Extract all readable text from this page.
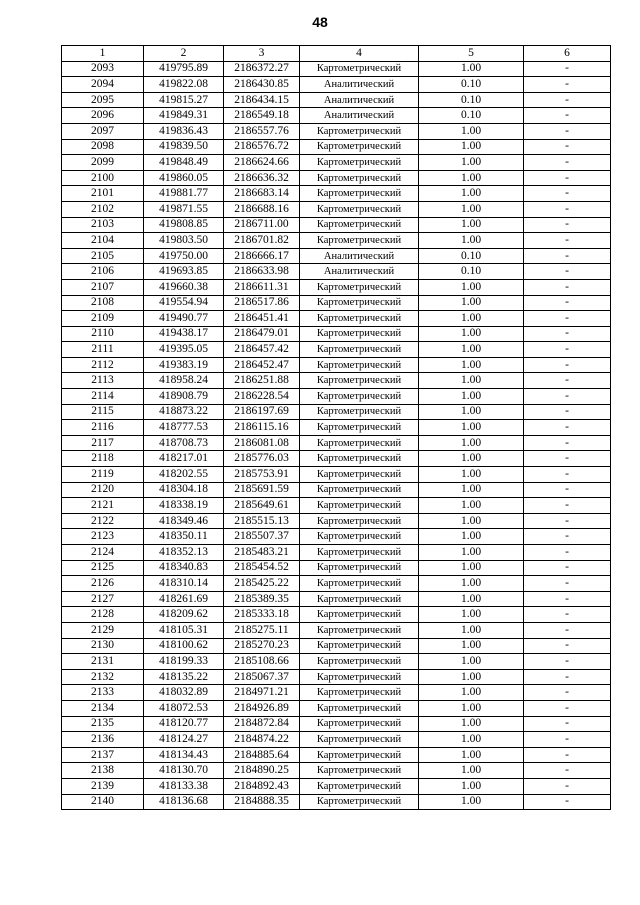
48
1	2	3	4	5	6
2093	419795.89	2186372.27	Картометрический	1.00	-
2094	419822.08	2186430.85	Аналитический	0.10	-
2095	419815.27	2186434.15	Аналитический	0.10	-
2096	419849.31	2186549.18	Аналитический	0.10	-
2097	419836.43	2186557.76	Картометрический	1.00	-
2098	419839.50	2186576.72	Картометрический	1.00	-
2099	419848.49	2186624.66	Картометрический	1.00	-
2100	419860.05	2186636.32	Картометрический	1.00	-
2101	419881.77	2186683.14	Картометрический	1.00	-
2102	419871.55	2186688.16	Картометрический	1.00	-
2103	419808.85	2186711.00	Картометрический	1.00	-
2104	419803.50	2186701.82	Картометрический	1.00	-
2105	419750.00	2186666.17	Аналитический	0.10	-
2106	419693.85	2186633.98	Аналитический	0.10	-
2107	419660.38	2186611.31	Картометрический	1.00	-
2108	419554.94	2186517.86	Картометрический	1.00	-
2109	419490.77	2186451.41	Картометрический	1.00	-
2110	419438.17	2186479.01	Картометрический	1.00	-
2111	419395.05	2186457.42	Картометрический	1.00	-
2112	419383.19	2186452.47	Картометрический	1.00	-
2113	418958.24	2186251.88	Картометрический	1.00	-
2114	418908.79	2186228.54	Картометрический	1.00	-
2115	418873.22	2186197.69	Картометрический	1.00	-
2116	418777.53	2186115.16	Картометрический	1.00	-
2117	418708.73	2186081.08	Картометрический	1.00	-
2118	418217.01	2185776.03	Картометрический	1.00	-
2119	418202.55	2185753.91	Картометрический	1.00	-
2120	418304.18	2185691.59	Картометрический	1.00	-
2121	418338.19	2185649.61	Картометрический	1.00	-
2122	418349.46	2185515.13	Картометрический	1.00	-
2123	418350.11	2185507.37	Картометрический	1.00	-
2124	418352.13	2185483.21	Картометрический	1.00	-
2125	418340.83	2185454.52	Картометрический	1.00	-
2126	418310.14	2185425.22	Картометрический	1.00	-
2127	418261.69	2185389.35	Картометрический	1.00	-
2128	418209.62	2185333.18	Картометрический	1.00	-
2129	418105.31	2185275.11	Картометрический	1.00	-
2130	418100.62	2185270.23	Картометрический	1.00	-
2131	418199.33	2185108.66	Картометрический	1.00	-
2132	418135.22	2185067.37	Картометрический	1.00	-
2133	418032.89	2184971.21	Картометрический	1.00	-
2134	418072.53	2184926.89	Картометрический	1.00	-
2135	418120.77	2184872.84	Картометрический	1.00	-
2136	418124.27	2184874.22	Картометрический	1.00	-
2137	418134.43	2184885.64	Картометрический	1.00	-
2138	418130.70	2184890.25	Картометрический	1.00	-
2139	418133.38	2184892.43	Картометрический	1.00	-
2140	418136.68	2184888.35	Картометрический	1.00	-
